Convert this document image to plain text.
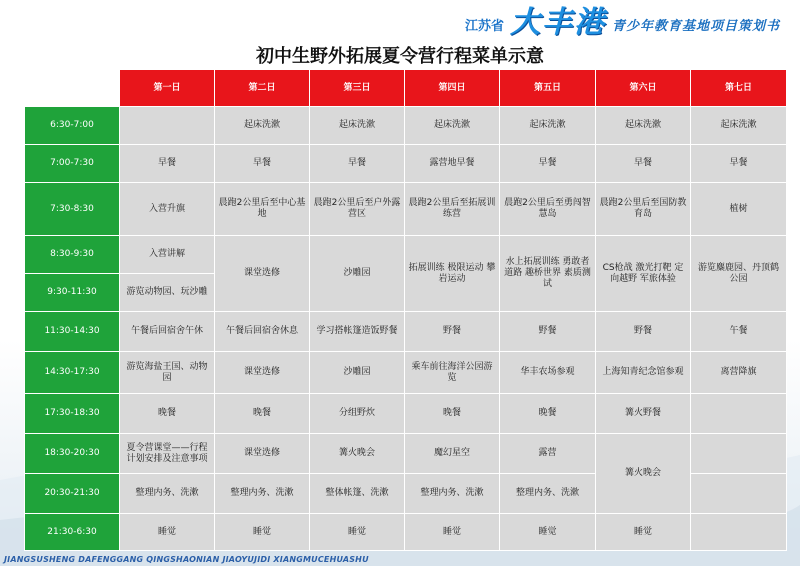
江苏省 大丰港 青少年教育基地项目策划书
初中生野外拓展夏令营行程菜单示意
	第一日	第二日	第三日	第四日	第五日	第六日	第七日
6:30-7:00		起床洗漱	起床洗漱	起床洗漱	起床洗漱	起床洗漱	起床洗漱
7:00-7:30	早餐	早餐	早餐	露营地早餐	早餐	早餐	早餐
7:30-8:30	入营升旗	晨跑2公里后至中心基地	晨跑2公里后至户外露营区	晨跑2公里后至拓展训练营	晨跑2公里后至勇闯智慧岛	晨跑2公里后至国防教育岛	植树
8:30-9:30	入营讲解	课堂选修	沙雕园	拓展训练 极限运动 攀岩运动	水上拓展训练 勇敢者道路 趣桥世界 素质测试	CS枪战 激光打靶 定向越野 军旅体验	游览麋鹿园、丹顶鹤公园
9:30-11:30	游览动物园、玩沙雕						
11:30-14:30	午餐后回宿舍午休	午餐后回宿舍休息	学习搭帐篷造饭野餐	野餐	野餐	野餐	午餐
14:30-17:30	游览海盐王国、动物园	课堂选修	沙雕园	乘车前往海洋公园游览	华丰农场参观	上海知青纪念馆参观	离营降旗
17:30-18:30	晚餐	晚餐	分组野炊	晚餐	晚餐	篝火野餐	
18:30-20:30	夏令营课堂——行程计划安排及注意事项	课堂选修	篝火晚会	魔幻星空	露营	篝火晚会	
20:30-21:30	整理内务、洗漱	整理内务、洗漱	整体帐篷、洗漱	整理内务、洗漱	整理内务、洗漱		
21:30-6:30	睡觉	睡觉	睡觉	睡觉	睡觉	睡觉	
JIANGSUSHENG DAFENGGANG QINGSHAONIAN JIAOYUJIDI XIANGMUCEHUASHU
